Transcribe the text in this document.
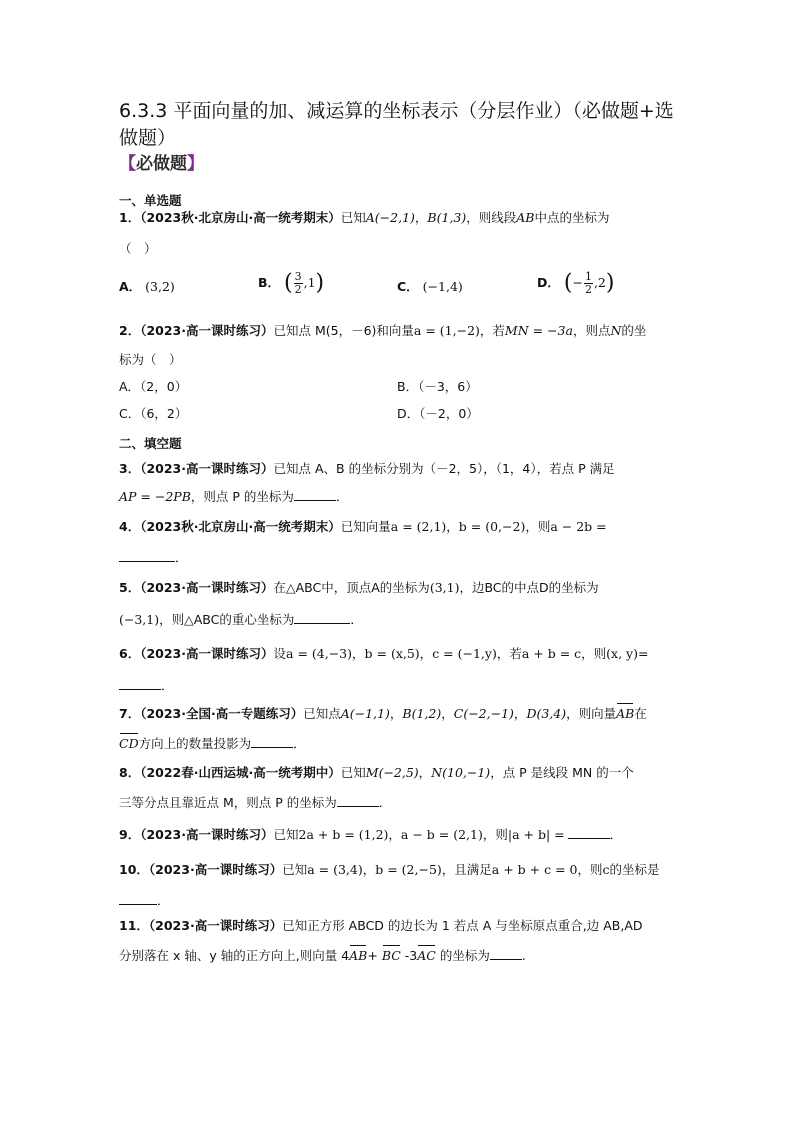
6.3.3 平面向量的加、减运算的坐标表示（分层作业）（必做题+选做题）
【必做题】
一、单选题
1．（2023秋·北京房山·高一统考期末）已知A(−2,1)，B(1,3)，则线段AB中点的坐标为
（　）
A． (3,2)	B． ( $\frac{3}{2} ,1$)	C． (−1,4)	D． (− $\frac{1}{2} ,2$)
2．（2023·高一课时练习）已知点 M(5，－6)和向量a = (1,−2)，若MN = −3a，则点N的坐
标为（　）
A．（2，0）	B．（－3，6）
C．（6，2）	D．（－2，0）
二、填空题
3．（2023·高一课时练习）已知点 A、B 的坐标分别为（－2，5），（1，4），若点 P 满足
AP = −2PB，则点 P 的坐标为	．
4．（2023秋·北京房山·高一统考期末）已知向量a = (2,1)，b = (0,−2)，则a − 2b =
．
5．（2023·高一课时练习）在△ABC中，顶点A的坐标为(3,1)，边BC的中点D的坐标为
(−3,1)，则△ABC的重心坐标为	．
6．（2023·高一课时练习）设a = (4,−3)，b = (x,5)，c = (−1,y)，若a + b = c，则(x, y)=
．
7．（2023·全国·高一专题练习）已知点A(−1,1)，B(1,2)，C(−2,−1)，D(3,4)，则向量AB在
CD方向上的数量投影为	．
8．（2022春·山西运城·高一统考期中）已知M(−2,5)，N(10,−1)，点 P 是线段 MN 的一个
三等分点且靠近点 M，则点 P 的坐标为	．
9．（2023·高一课时练习）已知2a + b = (1,2)，a − b = (2,1)，则|a + b| =	．
10．（2023·高一课时练习）已知a = (3,4)，b = (2,−5)，且满足a + b + c = 0，则c的坐标是
．
11．（2023·高一课时练习）已知正方形 ABCD 的边长为 1 若点 A 与坐标原点重合,边 AB,AD
分别落在 x 轴、y 轴的正方向上,则向量 4AB+ BC -3AC 的坐标为	.
